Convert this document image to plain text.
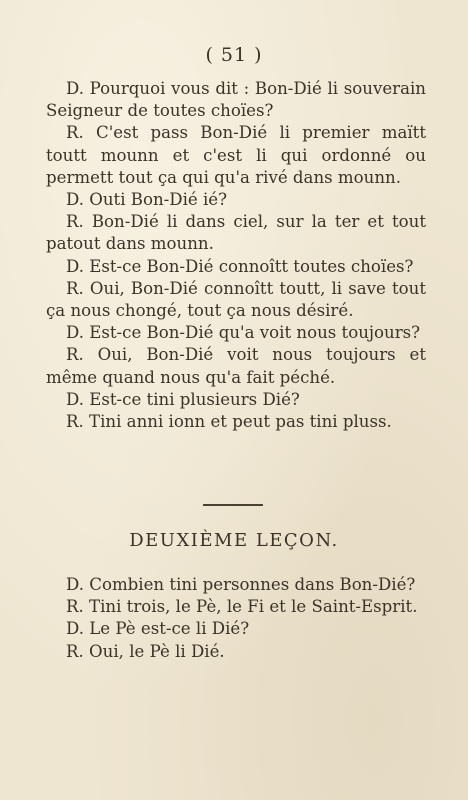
( 51 )

D. Pourquoi vous dit : Bon-Dié li souverain Seigneur de toutes choïes?

R. C'est pass Bon-Dié li premier maïtt toutt mounn et c'est li qui ordonné ou permett tout ça qui qu'a rivé dans mounn.

D. Outi Bon-Dié ié?

R. Bon-Dié li dans ciel, sur la ter et tout patout dans mounn.

D. Est-ce Bon-Dié connoîtt toutes choïes?

R. Oui, Bon-Dié connoîtt toutt, li save tout ça nous chongé, tout ça nous désiré.

D. Est-ce Bon-Dié qu'a voit nous toujours?

R. Oui, Bon-Dié voit nous toujours et même quand nous qu'a fait péché.

D. Est-ce tini plusieurs Dié?

R. Tini anni ionn et peut pas tini pluss.

DEUXIÈME LEÇON.

D. Combien tini personnes dans Bon-Dié?

R. Tini trois, le Pè, le Fi et le Saint-Esprit.

D. Le Pè est-ce li Dié?

R. Oui, le Pè li Dié.
